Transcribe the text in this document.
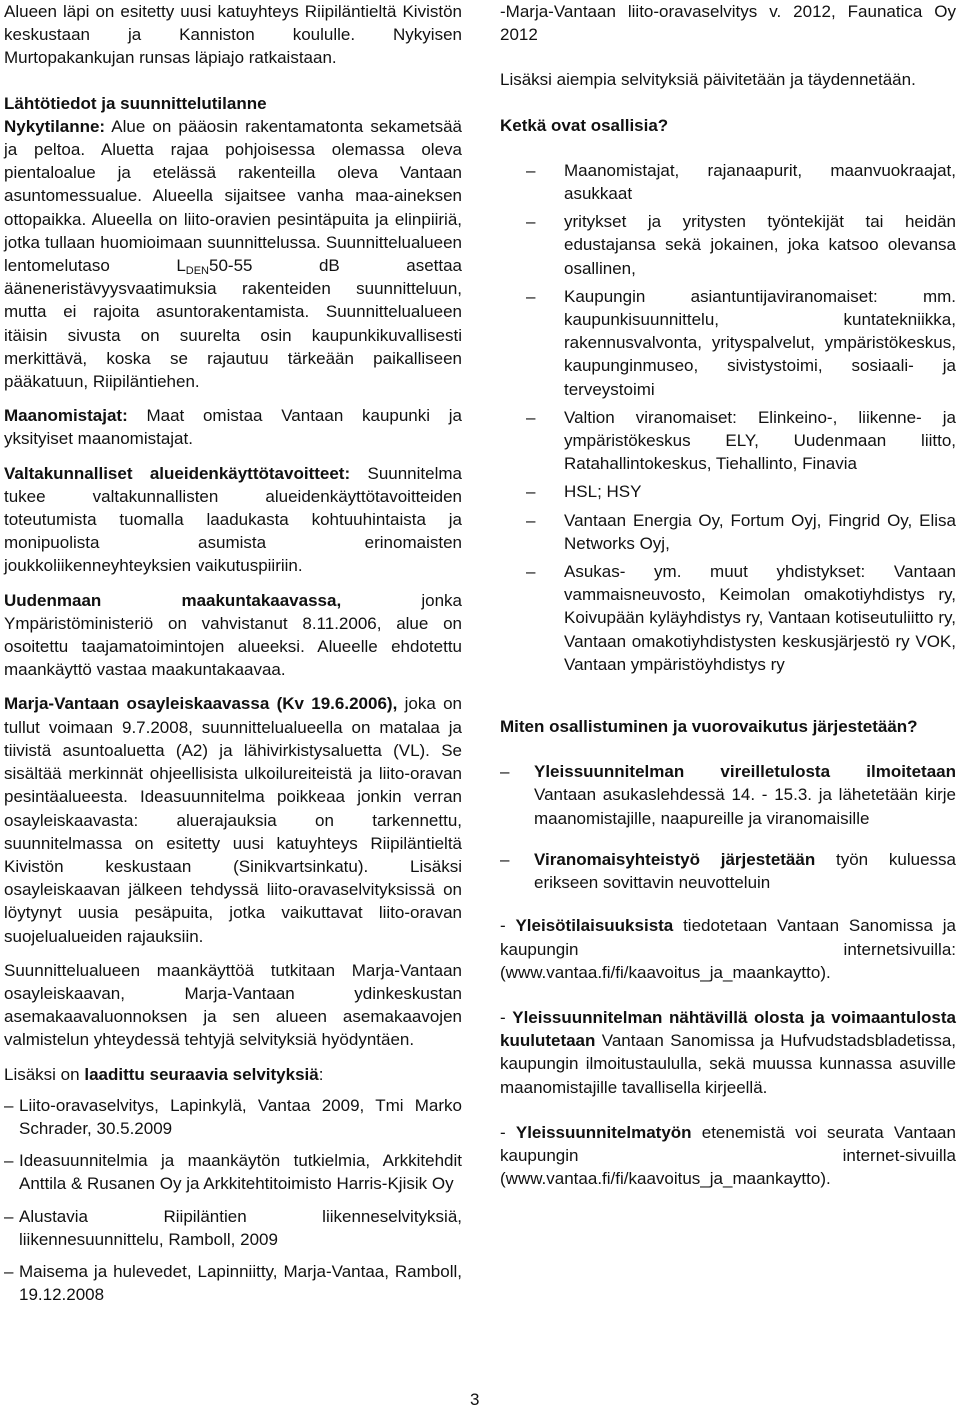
Alueen läpi on esitetty uusi katuyhteys Riipiläntieltä Kivistön keskustaan ja Kanniston koululle. Nykyisen Murtopakankujan runsas läpiajo ratkaistaan.

Lähtötiedot ja suunnittelutilanne

Nykytilanne: Alue on pääosin rakentamatonta sekametsää ja peltoa. Aluetta rajaa pohjoisessa olemassa oleva pientaloalue ja etelässä rakenteilla oleva Vantaan asuntomessualue. Alueella sijaitsee vanha maa-aineksen ottopaikka. Alueella on liito-oravien pesintäpuita ja elinpiiriä, jotka tullaan huomioimaan suunnittelussa. Suunnittelualueen lentomelutaso $L_{DEN}50-55$ dB asettaa ääneneristävyysvaatimuksia rakenteiden suunnitteluun, mutta ei rajoita asuntorakentamista. Suunnittelualueen itäisin sivusta on suurelta osin kaupunkikuvallisesti merkittävä, koska se rajautuu tärkeään paikalliseen pääkatuun, Riipiläntiehen.

Maanomistajat: Maat omistaa Vantaan kaupunki ja yksityiset maanomistajat.

Valtakunnalliset alueidenkäyttötavoitteet: Suunnitelma tukee valtakunnallisten alueidenkäyttötavoitteiden toteutumista tuomalla laadukasta kohtuuhintaista ja monipuolista asumista erinomaisten joukkoliikenneyhteyksien vaikutuspiiriin.

Uudenmaan maakuntakaavassa,	jonka Ympäristöministeriö on vahvistanut 8.11.2006, alue on osoitettu taajamatoimintojen alueeksi. Alueelle ehdotettu maankäyttö vastaa maakuntakaavaa.

Marja-Vantaan osayleiskaavassa (Kv 19.6.2006), joka on tullut voimaan 9.7.2008, suunnittelualueella on matalaa ja tiivistä asuntoaluetta (A2) ja lähivirkistysaluetta (VL). Se sisältää merkinnät ohjeellisista ulkoilureiteistä ja liito-oravan pesintäalueesta. Ideasuunnitelma poikkeaa jonkin verran osayleiskaavasta: aluerajauksia on tarkennettu, suunnitelmassa on esitetty uusi katuyhteys Riipiläntieltä Kivistön keskustaan (Sinikvartsinkatu). Lisäksi osayleiskaavan jälkeen tehdyssä liito-oravaselvityksissä on löytynyt uusia pesäpuita, jotka vaikuttavat liito-oravan suojelualueiden rajauksiin.

Suunnittelualueen maankäyttöä tutkitaan Marja-Vantaan osayleiskaavan, Marja-Vantaan ydinkeskustan asemakaavaluonnoksen ja sen alueen asemakaavojen valmistelun yhteydessä tehtyjä selvityksiä hyödyntäen.

Lisäksi on laadittu seuraavia selvityksiä:

– Liito-oravaselvitys, Lapinkylä, Vantaa 2009, Tmi Marko Schrader, 30.5.2009
– Ideasuunnitelmia ja maankäytön tutkielmia, Arkkitehdit Anttila & Rusanen Oy ja Arkkitehtitoimisto Harris-Kjisik Oy
– Alustavia Riipiläntien liikenneselvityksiä, liikennesuunnittelu, Ramboll, 2009
– Maisema ja hulevedet, Lapinniitty, Marja-Vantaa, Ramboll, 19.12.2008

-Marja-Vantaan liito-oravaselvitys v. 2012, Faunatica Oy 2012

Lisäksi aiempia selvityksiä päivitetään ja täydennetään.

Ketkä ovat osallisia?

– Maanomistajat, rajanaapurit, maanvuokraajat, asukkaat
– yritykset ja yritysten työntekijät tai heidän edustajansa sekä jokainen, joka katsoo olevansa osallinen,
– Kaupungin asiantuntijaviranomaiset: mm. kaupunkisuunnittelu, kuntatekniikka, rakennusvalvonta, yrityspalvelut, ympäristökeskus, kaupunginmuseo, sivistystoimi, sosiaali- ja terveystoimi
– Valtion viranomaiset: Elinkeino-, liikenne- ja ympäristökeskus ELY, Uudenmaan liitto, Ratahallintokeskus, Tiehallinto, Finavia
– HSL; HSY
– Vantaan Energia Oy, Fortum Oyj, Fingrid Oy, Elisa Networks Oyj,
– Asukas- ym. muut yhdistykset: Vantaan vammaisneuvosto, Keimolan omakotiyhdistys ry, Koivupään kyläyhdistys ry, Vantaan kotiseutuliitto ry, Vantaan omakotiyhdistysten keskusjärjestö ry VOK, Vantaan ympäristöyhdistys ry

Miten osallistuminen ja vuorovaikutus järjestetään?

– Yleissuunnitelman vireilletulosta ilmoitetaan Vantaan asukaslehdessä 14. - 15.3. ja lähetetään kirje maanomistajille, naapureille ja viranomaisille
– Viranomaisyhteistyö järjestetään työn kuluessa erikseen sovittavin neuvotteluin

- Yleisötilaisuuksista tiedotetaan Vantaan Sanomissa ja kaupungin internetsivuilla: (www.vantaa.fi/fi/kaavoitus_ja_maankaytto).

- Yleissuunnitelman nähtävillä olosta ja voimaantulosta kuulutetaan Vantaan Sanomissa ja Hufvudstadsbladetissa, kaupungin ilmoitustaululla, sekä muussa kunnassa asuville maanomistajille tavallisella kirjeellä.

- Yleissuunnitelmatyön etenemistä voi seurata Vantaan kaupungin internet-sivuilla (www.vantaa.fi/fi/kaavoitus_ja_maankaytto).

3
